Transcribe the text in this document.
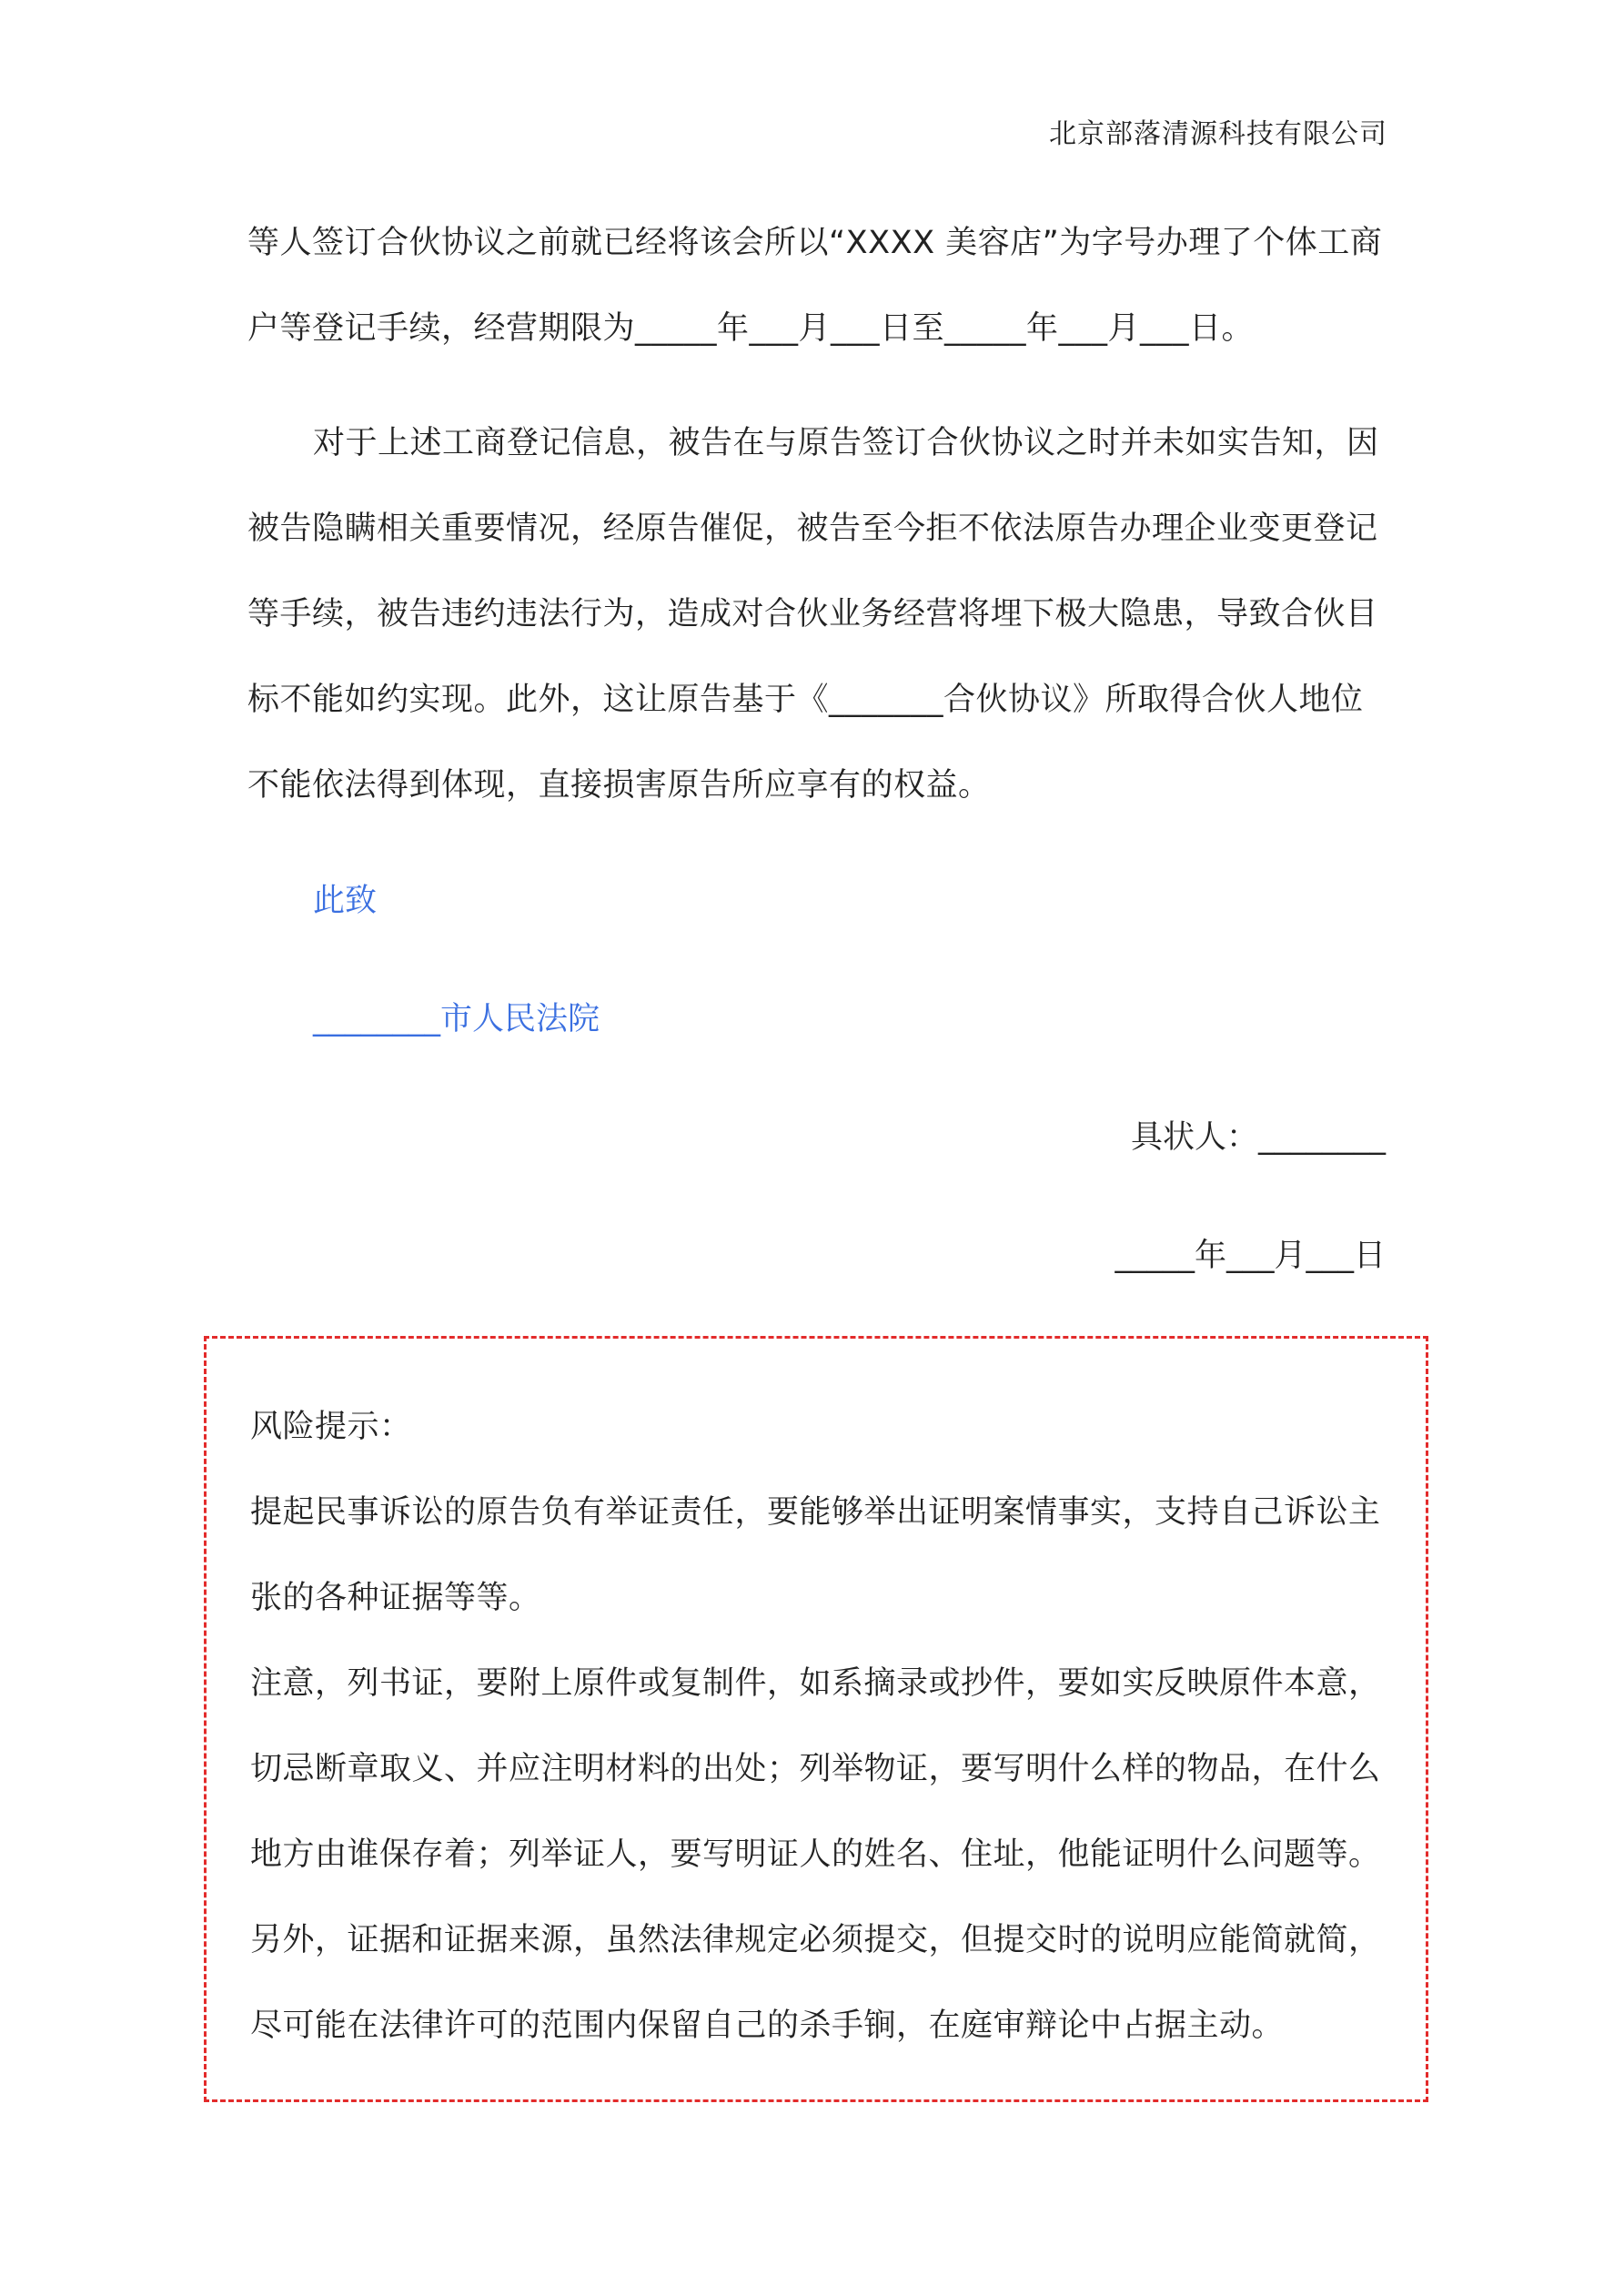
北京部落清源科技有限公司
等人签订合伙协议之前就已经将该会所以“XXXX 美容店”为字号办理了个体工商户等登记手续，经营期限为_____年___月___日至_____年___月___日。
对于上述工商登记信息，被告在与原告签订合伙协议之时并未如实告知，因被告隐瞒相关重要情况，经原告催促，被告至今拒不依法原告办理企业变更登记等手续，被告违约违法行为，造成对合伙业务经营将埋下极大隐患，导致合伙目标不能如约实现。此外，这让原告基于《_______合伙协议》所取得合伙人地位不能依法得到体现，直接损害原告所应享有的权益。
此致
________市人民法院
具状人：________
_____年___月___日
风险提示：
提起民事诉讼的原告负有举证责任，要能够举出证明案情事实，支持自己诉讼主张的各种证据等等。
注意，列书证，要附上原件或复制件，如系摘录或抄件，要如实反映原件本意，切忌断章取义、并应注明材料的出处；列举物证，要写明什么样的物品，在什么地方由谁保存着；列举证人，要写明证人的姓名、住址，他能证明什么问题等。
另外，证据和证据来源，虽然法律规定必须提交，但提交时的说明应能简就简，尽可能在法律许可的范围内保留自己的杀手锏，在庭审辩论中占据主动。
